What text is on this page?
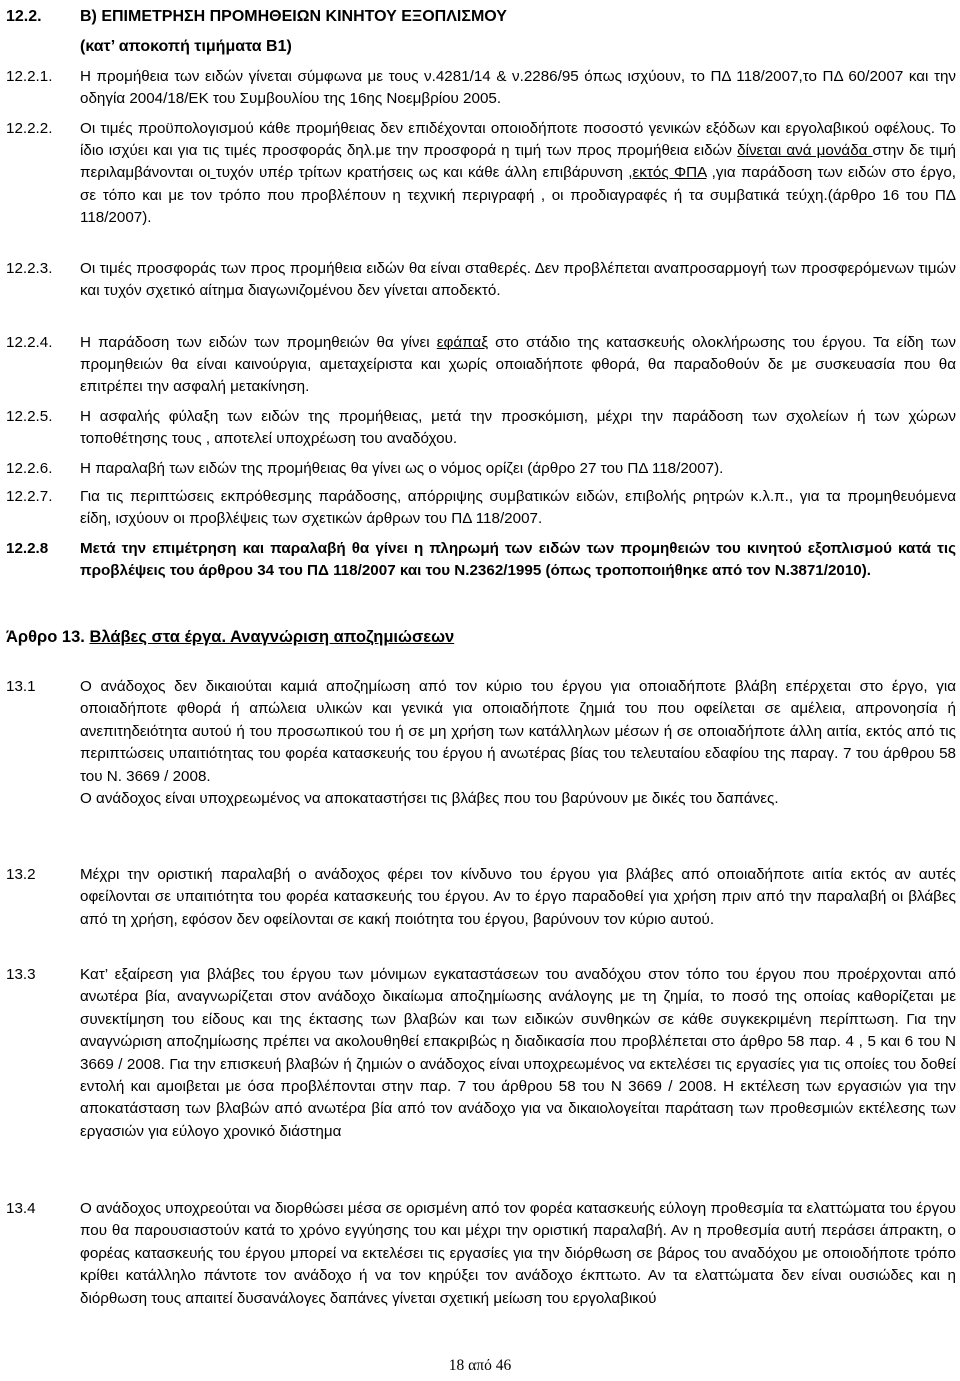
12.2. Β) ΕΠΙΜΕΤΡΗΣΗ ΠΡΟΜΗΘΕΙΩΝ ΚΙΝΗΤΟΥ ΕΞΟΠΛΙΣΜΟΥ
(κατ’ αποκοπή τιμήματα Β1)
12.2.1. Η προμήθεια των ειδών γίνεται σύμφωνα με τους ν.4281/14 & ν.2286/95 όπως ισχύουν, το ΠΔ 118/2007,το ΠΔ 60/2007 και την οδηγία 2004/18/ΕΚ του Συμβουλίου της 16ης Νοεμβρίου 2005.
12.2.2. Οι τιμές προϋπολογισμού κάθε προμήθειας δεν επιδέχονται οποιοδήποτε ποσοστό γενικών εξόδων και εργολαβικού οφέλους. Το ίδιο ισχύει και για τις τιμές προσφοράς δηλ.με την προσφορά η τιμή των προς προμήθεια ειδών δίνεται ανά μονάδα στην δε τιμή περιλαμβάνονται οι τυχόν υπέρ τρίτων κρατήσεις ως και κάθε άλλη επιβάρυνση ,εκτός ΦΠΑ ,για παράδοση των ειδών στο έργο, σε τόπο και με τον τρόπο που προβλέπουν η τεχνική περιγραφή , οι προδιαγραφές ή τα συμβατικά τεύχη.(άρθρο 16 του ΠΔ 118/2007).
12.2.3. Οι τιμές προσφοράς των προς προμήθεια ειδών θα είναι σταθερές. Δεν προβλέπεται αναπροσαρμογή των προσφερόμενων τιμών και τυχόν σχετικό αίτημα διαγωνιζομένου δεν γίνεται αποδεκτό.
12.2.4. Η παράδοση των ειδών των προμηθειών θα γίνει εφάπαξ στο στάδιο της κατασκευής ολοκλήρωσης του έργου. Τα είδη των προμηθειών θα είναι καινούργια, αμεταχείριστα και χωρίς οποιαδήποτε φθορά, θα παραδοθούν δε με συσκευασία που θα επιτρέπει την ασφαλή μετακίνηση.
12.2.5. Η ασφαλής φύλαξη των ειδών της προμήθειας, μετά την προσκόμιση, μέχρι την παράδοση των σχολείων ή των χώρων τοποθέτησης τους , αποτελεί υποχρέωση του αναδόχου.
12.2.6. Η παραλαβή των ειδών της προμήθειας θα γίνει ως ο νόμος ορίζει (άρθρο 27 του ΠΔ 118/2007).
12.2.7. Για τις περιπτώσεις εκπρόθεσμης παράδοσης, απόρριψης συμβατικών ειδών, επιβολής ρητρών κ.λ.π., για τα προμηθευόμενα είδη, ισχύουν οι προβλέψεις των σχετικών άρθρων του ΠΔ 118/2007.
12.2.8 Μετά την επιμέτρηση και παραλαβή θα γίνει η πληρωμή των ειδών των προμηθειών του κινητού εξοπλισμού κατά τις προβλέψεις του άρθρου 34 του ΠΔ 118/2007 και του Ν.2362/1995 (όπως τροποποιήθηκε από τον Ν.3871/2010).
Άρθρο 13. Βλάβες στα έργα. Αναγνώριση αποζημιώσεων
13.1	Ο ανάδοχος δεν δικαιούται καμιά αποζημίωση από τον κύριο του έργου για οποιαδήποτε βλάβη επέρχεται στο έργο, για οποιαδήποτε φθορά ή απώλεια υλικών και γενικά για οποιαδήποτε ζημιά του που οφείλεται σε αμέλεια, απρονοησία ή ανεπιτηδειότητα αυτού ή του προσωπικού του ή σε μη χρήση των κατάλληλων μέσων ή σε οποιαδήποτε άλλη αιτία, εκτός από τις περιπτώσεις υπαιτιότητας του φορέα κατασκευής του έργου ή ανωτέρας βίας του τελευταίου εδαφίου της παραγ. 7 του άρθρου 58 του Ν. 3669 / 2008.
Ο ανάδοχος είναι υποχρεωμένος να αποκαταστήσει τις βλάβες που του βαρύνουν με δικές του δαπάνες.
13.2	Μέχρι την οριστική παραλαβή ο ανάδοχος φέρει τον κίνδυνο του έργου για βλάβες από οποιαδήποτε αιτία εκτός αν αυτές οφείλονται σε υπαιτιότητα του φορέα κατασκευής του έργου. Αν το έργο παραδοθεί για χρήση πριν από την παραλαβή οι βλάβες από τη χρήση, εφόσον δεν οφείλονται σε κακή ποιότητα του έργου, βαρύνουν τον κύριο αυτού.
13.3	Κατ’ εξαίρεση για βλάβες του έργου των μόνιμων εγκαταστάσεων του αναδόχου στον τόπο του έργου που προέρχονται από ανωτέρα βία, αναγνωρίζεται στον ανάδοχο δικαίωμα αποζημίωσης ανάλογης με τη ζημία, το ποσό της οποίας καθορίζεται με συνεκτίμηση του είδους και της έκτασης των βλαβών και των ειδικών συνθηκών σε κάθε συγκεκριμένη περίπτωση. Για την αναγνώριση αποζημίωσης πρέπει να ακολουθηθεί επακριβώς η διαδικασία που προβλέπεται στο άρθρο 58 παρ. 4 , 5 και 6 του Ν 3669 / 2008. Για την επισκευή βλαβών ή ζημιών ο ανάδοχος είναι υποχρεωμένος να εκτελέσει τις εργασίες για τις οποίες του δοθεί εντολή και αμοιβεται με όσα προβλέπονται στην παρ. 7 του άρθρου 58 του Ν 3669 / 2008. Η εκτέλεση των εργασιών για την αποκατάσταση των βλαβών από ανωτέρα βία από τον ανάδοχο για να δικαιολογείται παράταση των προθεσμιών εκτέλεσης των εργασιών για εύλογο χρονικό διάστημα
13.4	Ο ανάδοχος υποχρεούται να διορθώσει μέσα σε ορισμένη από τον φορέα κατασκευής εύλογη προθεσμία τα ελαττώματα του έργου που θα παρουσιαστούν κατά το χρόνο εγγύησης του και μέχρι την οριστική παραλαβή. Αν η προθεσμία αυτή περάσει άπρακτη, ο φορέας κατασκευής του έργου μπορεί να εκτελέσει τις εργασίες για την διόρθωση σε βάρος του αναδόχου με οποιοδήποτε τρόπο κρίθει κατάλληλο πάντοτε τον ανάδοχο ή να τον κηρύξει τον ανάδοχο έκπτωτο. Αν τα ελαττώματα δεν είναι ουσιώδες και η διόρθωση τους απαιτεί δυσανάλογες δαπάνες γίνεται σχετική μείωση του εργολαβικού
18 από 46
